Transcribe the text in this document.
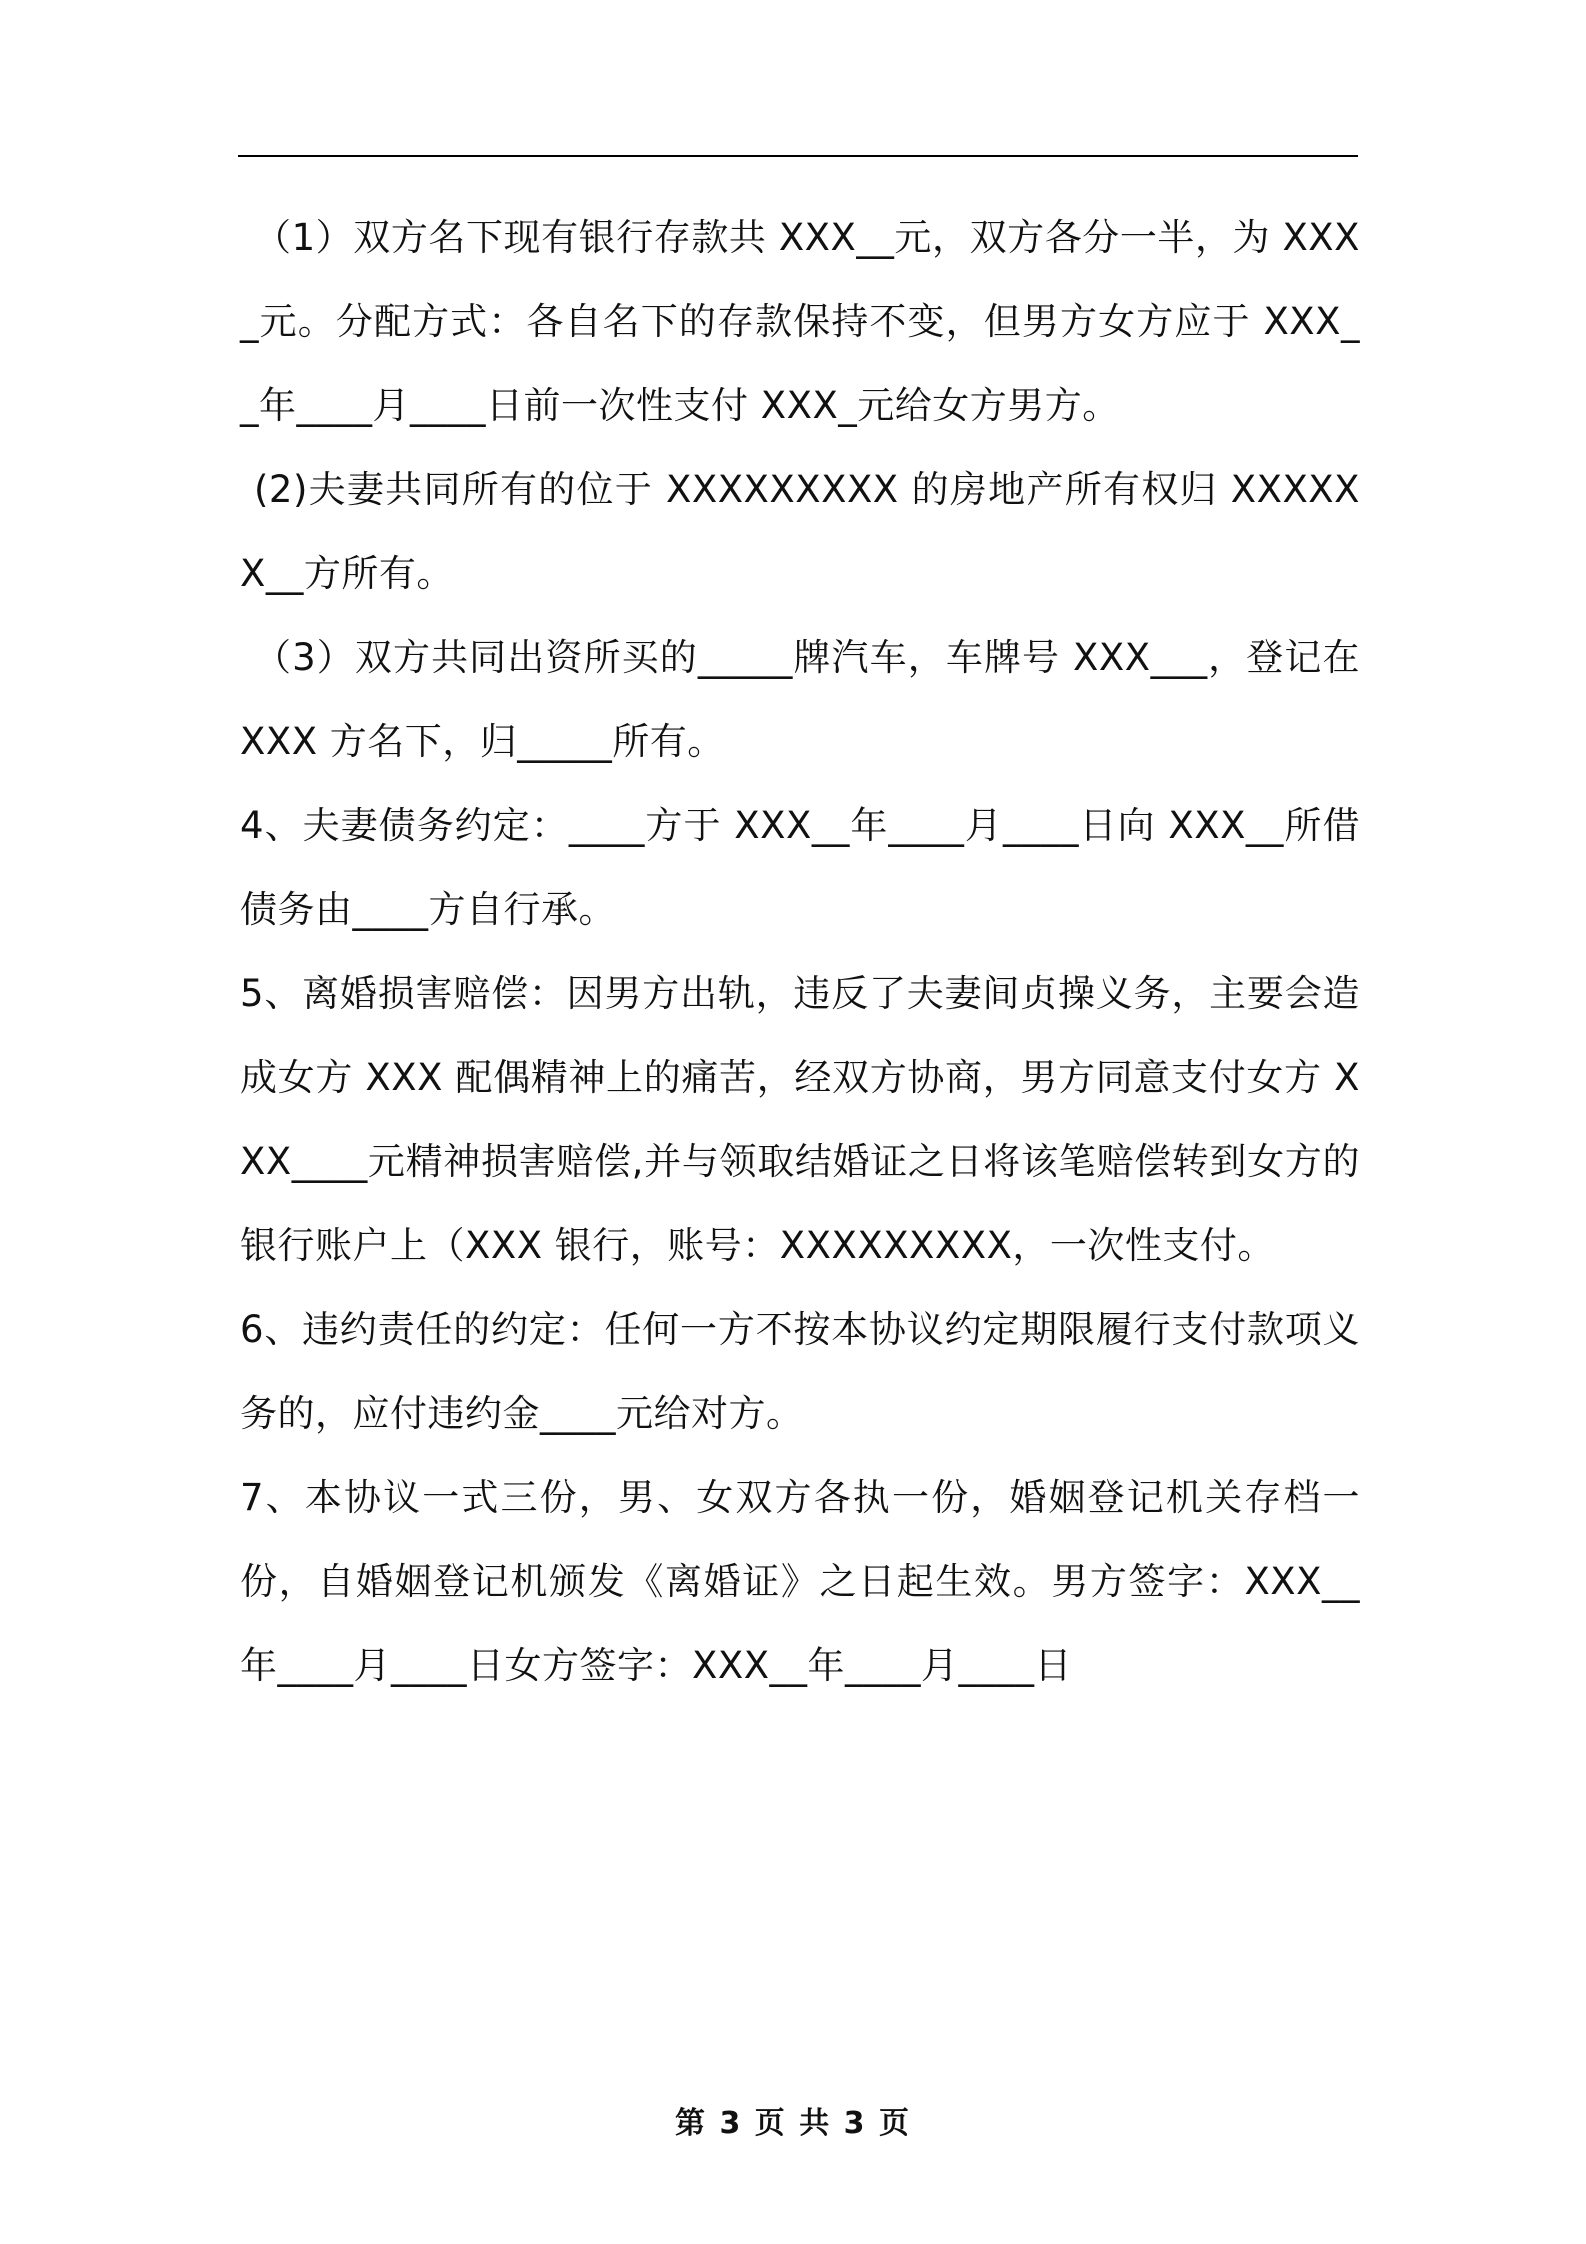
（1）双方名下现有银行存款共 XXX__元，双方各分一半，为 XXX_元。分配方式：各自名下的存款保持不变，但男方女方应于 XXX__年____月____日前一次性支付 XXX_元给女方男方。

(2)夫妻共同所有的位于 XXXXXXXXX 的房地产所有权归 XXXXXX__方所有。

（3）双方共同出资所买的_____牌汽车，车牌号 XXX___，登记在 XXX 方名下，归_____所有。

4、夫妻债务约定：____方于 XXX__年____月____日向 XXX__所借债务由____方自行承。

5、离婚损害赔偿：因男方出轨，违反了夫妻间贞操义务，主要会造成女方 XXX 配偶精神上的痛苦，经双方协商，男方同意支付女方 XXX____元精神损害赔偿,并与领取结婚证之日将该笔赔偿转到女方的银行账户上（XXX 银行，账号：XXXXXXXXX，一次性支付。

6、违约责任的约定：任何一方不按本协议约定期限履行支付款项义务的，应付违约金____元给对方。

7、本协议一式三份，男、女双方各执一份，婚姻登记机关存档一份，自婚姻登记机颁发《离婚证》之日起生效。男方签字：XXX__年____月____日女方签字：XXX__年____月____日

第 3 页 共 3 页
